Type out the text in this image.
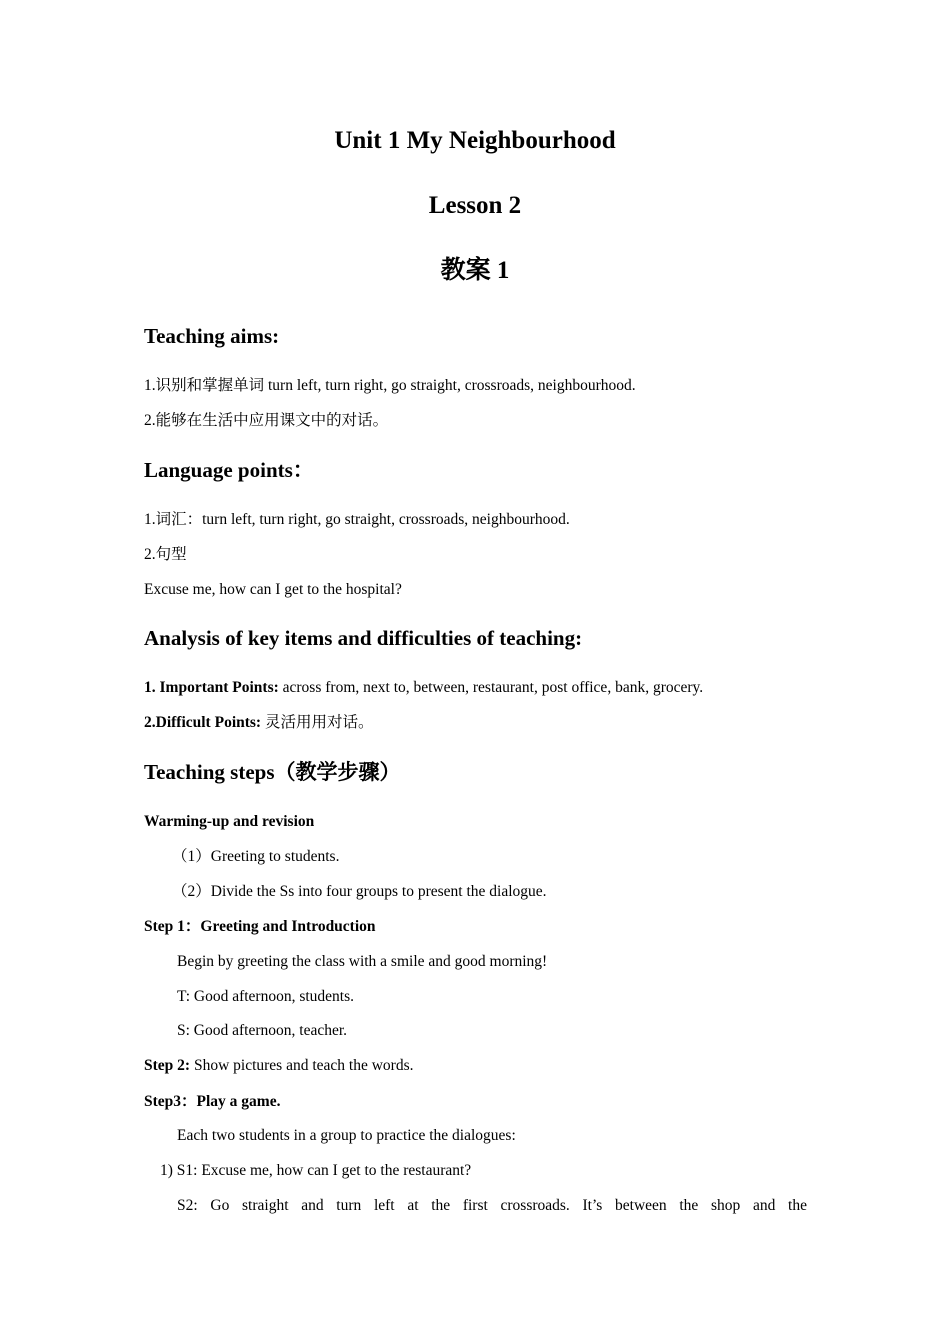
Unit 1 My Neighbourhood
Lesson 2
教案 1
Teaching aims:
1.识别和掌握单词 turn left, turn right, go straight, crossroads, neighbourhood.
2.能够在生活中应用课文中的对话。
Language points：
1.词汇：turn left, turn right, go straight, crossroads, neighbourhood.
2.句型
Excuse me, how can I get to the hospital?
Analysis of key items and difficulties of teaching:
1. Important Points: across from, next to, between, restaurant, post office, bank, grocery.
2.Difficult Points: 灵活用用对话。
Teaching steps（教学步骤）
Warming-up and revision
（1）Greeting to students.
（2）Divide the Ss into four groups to present the dialogue.
Step 1：Greeting and Introduction
Begin by greeting the class with a smile and good morning!
T: Good afternoon, students.
S: Good afternoon, teacher.
Step 2: Show pictures and teach the words.
Step3：Play a game.
Each two students in a group to practice the dialogues:
1) S1: Excuse me, how can I get to the restaurant?
S2: Go straight and turn left at the first crossroads. It’s between the shop and the
